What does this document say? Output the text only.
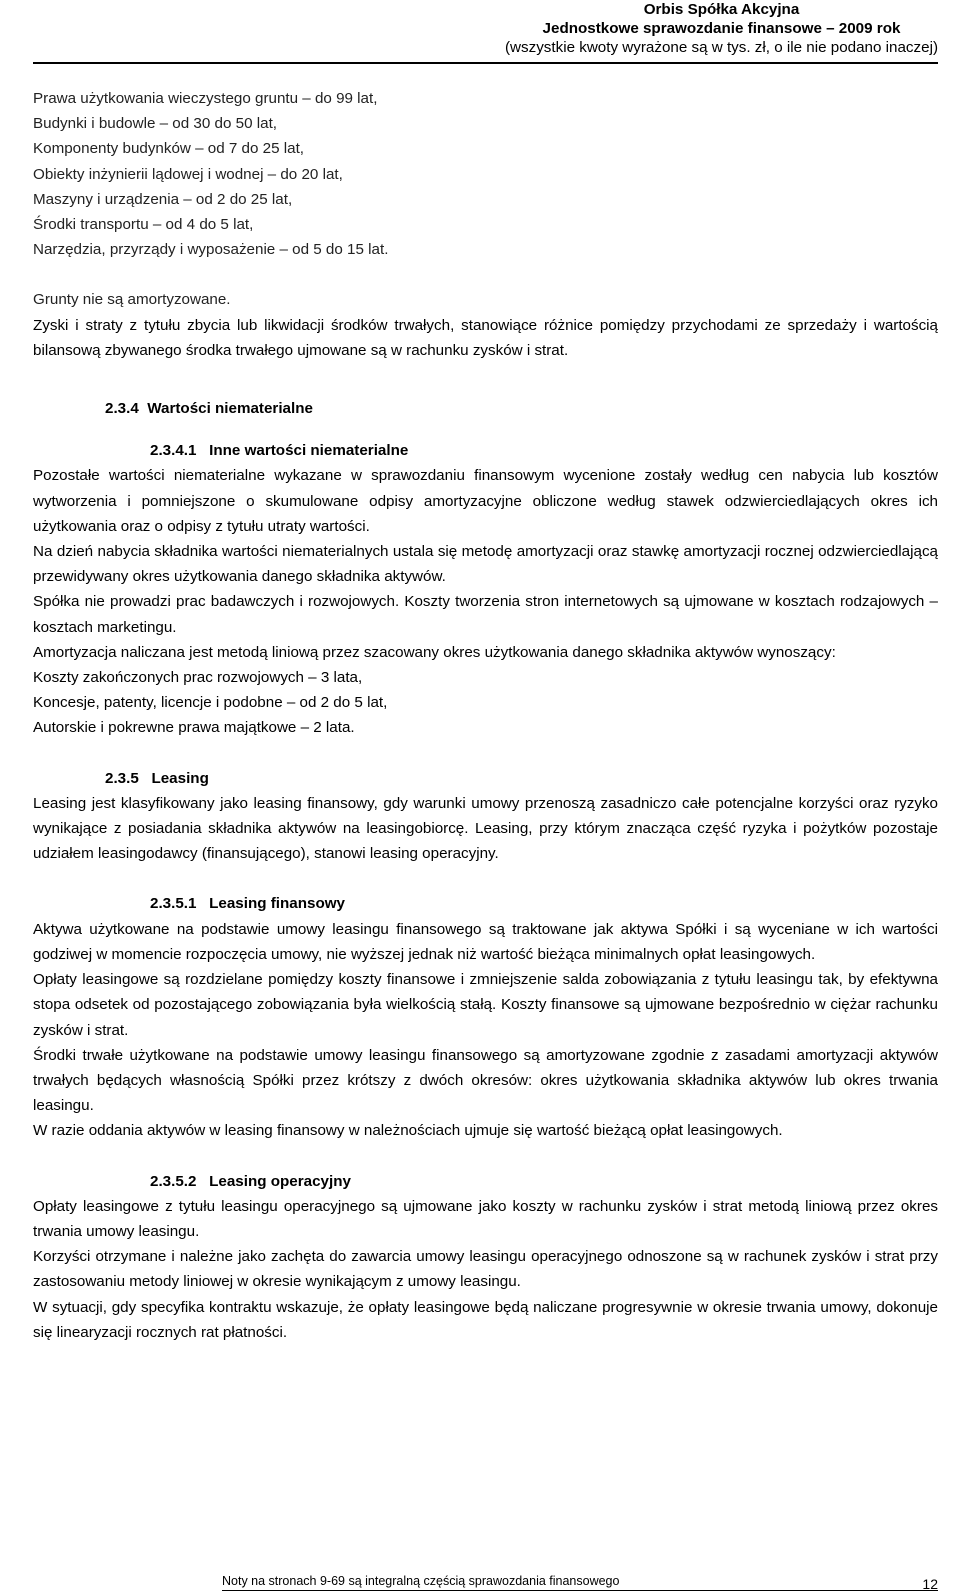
Orbis Spółka Akcyjna
Jednostkowe sprawozdanie finansowe – 2009 rok
(wszystkie kwoty wyrażone są w tys. zł, o ile nie podano inaczej)

Prawa użytkowania wieczystego gruntu – do 99 lat,

Budynki i budowle – od 30 do 50 lat,

Komponenty budynków – od 7 do 25 lat,

Obiekty inżynierii lądowej i wodnej – do 20 lat,

Maszyny i urządzenia – od 2 do 25 lat,

Środki transportu – od 4 do 5 lat,

Narzędzia, przyrządy i wyposażenie – od 5 do 15 lat.

Grunty nie są amortyzowane.

Zyski i straty z tytułu zbycia lub likwidacji środków trwałych, stanowiące różnice pomiędzy przychodami ze sprzedaży i wartością bilansową zbywanego środka trwałego ujmowane są w rachunku zysków i strat.

2.3.4 Wartości niematerialne

2.3.4.1 Inne wartości niematerialne

Pozostałe wartości niematerialne wykazane w sprawozdaniu finansowym wycenione zostały według cen nabycia lub kosztów wytworzenia i pomniejszone o skumulowane odpisy amortyzacyjne obliczone według stawek odzwierciedlających okres ich użytkowania oraz o odpisy z tytułu utraty wartości.

Na dzień nabycia składnika wartości niematerialnych ustala się metodę amortyzacji oraz stawkę amortyzacji rocznej odzwierciedlającą przewidywany okres użytkowania danego składnika aktywów.

Spółka nie prowadzi prac badawczych i rozwojowych. Koszty tworzenia stron internetowych są ujmowane w kosztach rodzajowych – kosztach marketingu.

Amortyzacja naliczana jest metodą liniową przez szacowany okres użytkowania danego składnika aktywów wynoszący:

Koszty zakończonych prac rozwojowych – 3 lata,

Koncesje, patenty, licencje i podobne – od 2 do 5 lat,

Autorskie i pokrewne prawa majątkowe – 2 lata.

2.3.5 Leasing

Leasing jest klasyfikowany jako leasing finansowy, gdy warunki umowy przenoszą zasadniczo całe potencjalne korzyści oraz ryzyko wynikające z posiadania składnika aktywów na leasingobiorcę. Leasing, przy którym znacząca część ryzyka i pożytków pozostaje udziałem leasingodawcy (finansującego), stanowi leasing operacyjny.

2.3.5.1 Leasing finansowy

Aktywa użytkowane na podstawie umowy leasingu finansowego są traktowane jak aktywa Spółki i są wyceniane w ich wartości godziwej w momencie rozpoczęcia umowy, nie wyższej jednak niż wartość bieżąca minimalnych opłat leasingowych.

Opłaty leasingowe są rozdzielane pomiędzy koszty finansowe i zmniejszenie salda zobowiązania z tytułu leasingu tak, by efektywna stopa odsetek od pozostającego zobowiązania była wielkością stałą. Koszty finansowe są ujmowane bezpośrednio w ciężar rachunku zysków i strat.

Środki trwałe użytkowane na podstawie umowy leasingu finansowego są amortyzowane zgodnie z zasadami amortyzacji aktywów trwałych będących własnością Spółki przez krótszy z dwóch okresów: okres użytkowania składnika aktywów lub okres trwania leasingu.

W razie oddania aktywów w leasing finansowy w należnościach ujmuje się wartość bieżącą opłat leasingowych.

2.3.5.2 Leasing operacyjny

Opłaty leasingowe z tytułu leasingu operacyjnego są ujmowane jako koszty w rachunku zysków i strat metodą liniową przez okres trwania umowy leasingu.

Korzyści otrzymane i należne jako zachęta do zawarcia umowy leasingu operacyjnego odnoszone są w rachunek zysków i strat przy zastosowaniu metody liniowej w okresie wynikającym z umowy leasingu.

W sytuacji, gdy specyfika kontraktu wskazuje, że opłaty leasingowe będą naliczane progresywnie w okresie trwania umowy, dokonuje się linearyzacji rocznych rat płatności.

Noty na stronach 9-69 są integralną częścią sprawozdania finansowego	12
